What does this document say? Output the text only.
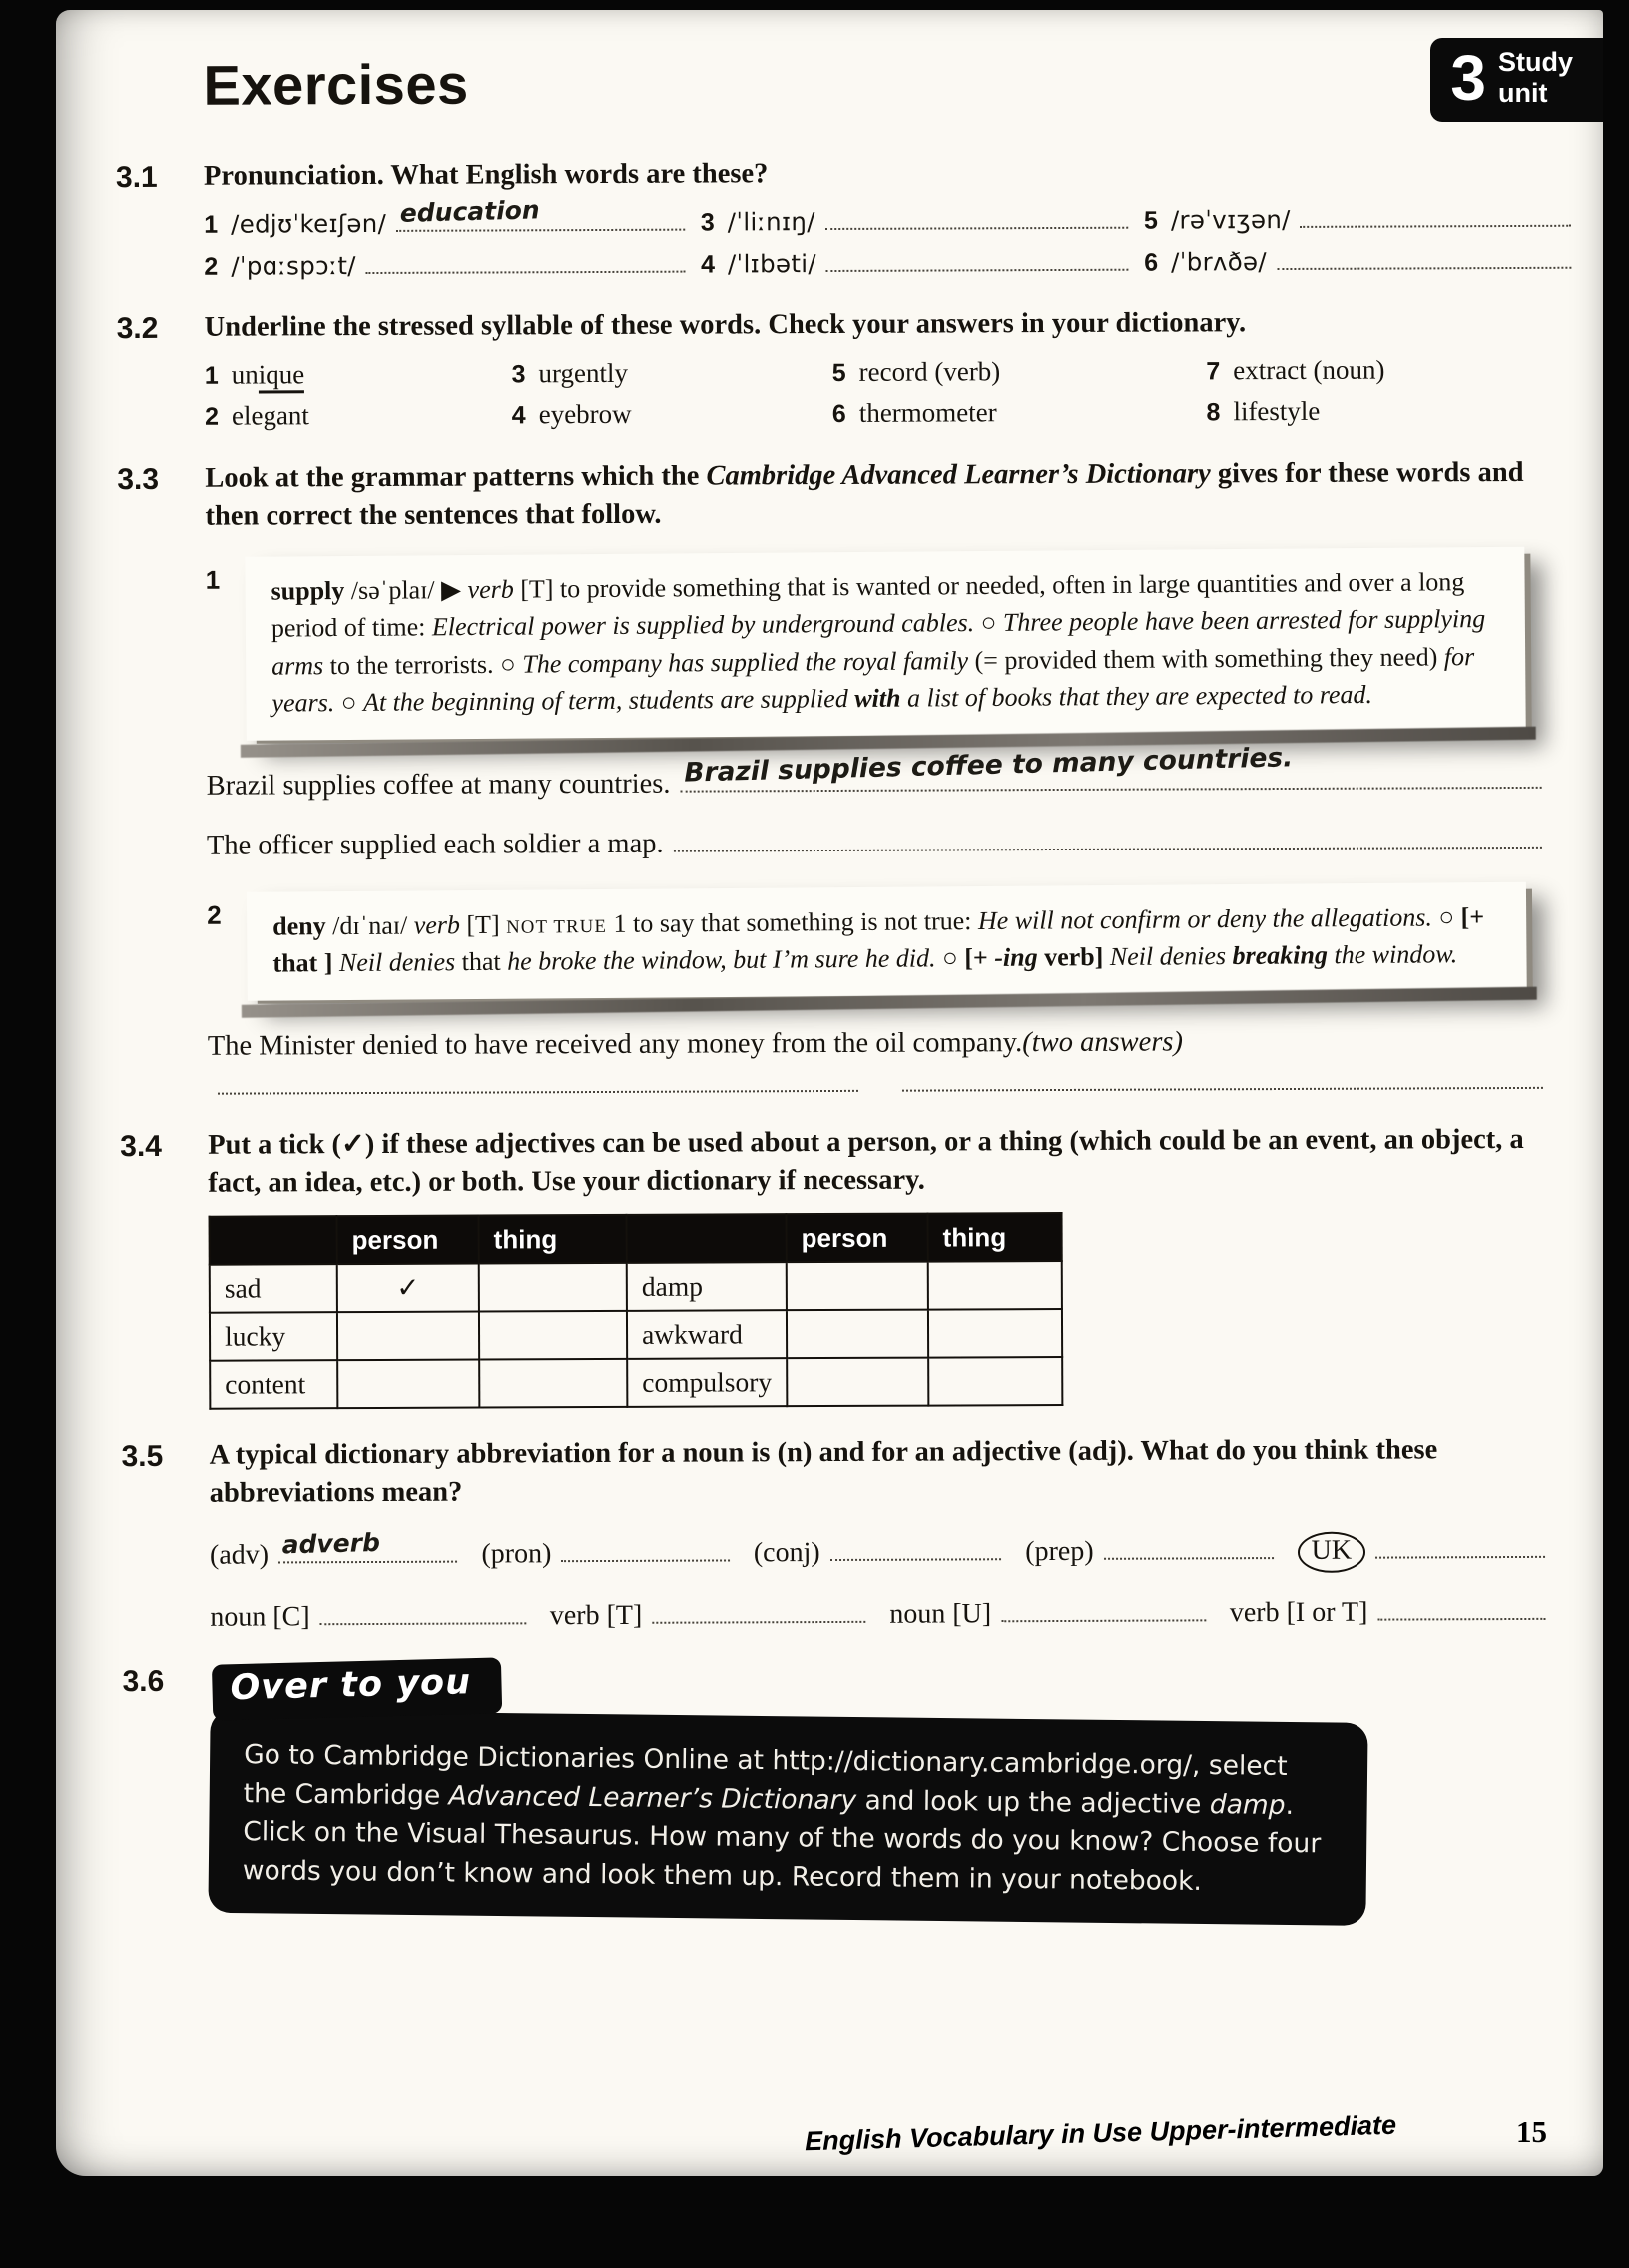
3 Study
unit
Exercises
3.1	Pronunciation. What English words are these?

1 /edjʊˈkeɪʃən/ education	3 /ˈliːnɪŋ/	5 /rəˈvɪʒən/
2 /ˈpɑːspɔːt/	4 /ˈlɪbəti/	6 /ˈbrʌðə/
3.2	Underline the stressed syllable of these words. Check your answers in your dictionary.

1 unique	3 urgently	5 record (verb)	7 extract (noun)
2 elegant	4 eyebrow	6 thermometer	8 lifestyle
3.3	Look at the grammar patterns which the Cambridge Advanced Learner’s Dictionary gives for these words and then correct the sentences that follow.

1	supply /səˈplaɪ/ ▶ verb [T] to provide something that is wanted or needed, often in large quantities and over a long period of time: Electrical power is supplied by underground cables. ○ Three people have been arrested for supplying arms to the terrorists. ○ The company has supplied the royal family (= provided them with something they need) for years. ○ At the beginning of term, students are supplied with a list of books that they are expected to read.

Brazil supplies coffee at many countries. Brazil supplies coffee to many countries.
The officer supplied each soldier a map.
2	deny /dɪˈnaɪ/ verb [T] NOT TRUE 1 to say that something is not true: He will not confirm or deny the allegations. ○ [+ that ] Neil denies that he broke the window, but I’m sure he did. ○ [+ -ing verb] Neil denies breaking the window.

The Minister denied to have received any money from the oil company. (two answers)
3.4	Put a tick (✓) if these adjectives can be used about a person, or a thing (which could be an event, an object, a fact, an idea, etc.) or both. Use your dictionary if necessary.

	person	thing		person	thing
sad	✓		damp		
lucky			awkward		
content			compulsory		
3.5	A typical dictionary abbreviation for a noun is (n) and for an adjective (adj). What do you think these abbreviations mean?

(adv) adverb	(pron)	(conj)	(prep)	UK
noun [C]	verb [T]	noun [U]	verb [I or T]
3.6	Over to you

Go to Cambridge Dictionaries Online at http://dictionary.cambridge.org/, select the Cambridge Advanced Learner’s Dictionary and look up the adjective damp. Click on the Visual Thesaurus. How many of the words do you know? Choose four words you don’t know and look them up. Record them in your notebook.

English Vocabulary in Use Upper-intermediate	15
